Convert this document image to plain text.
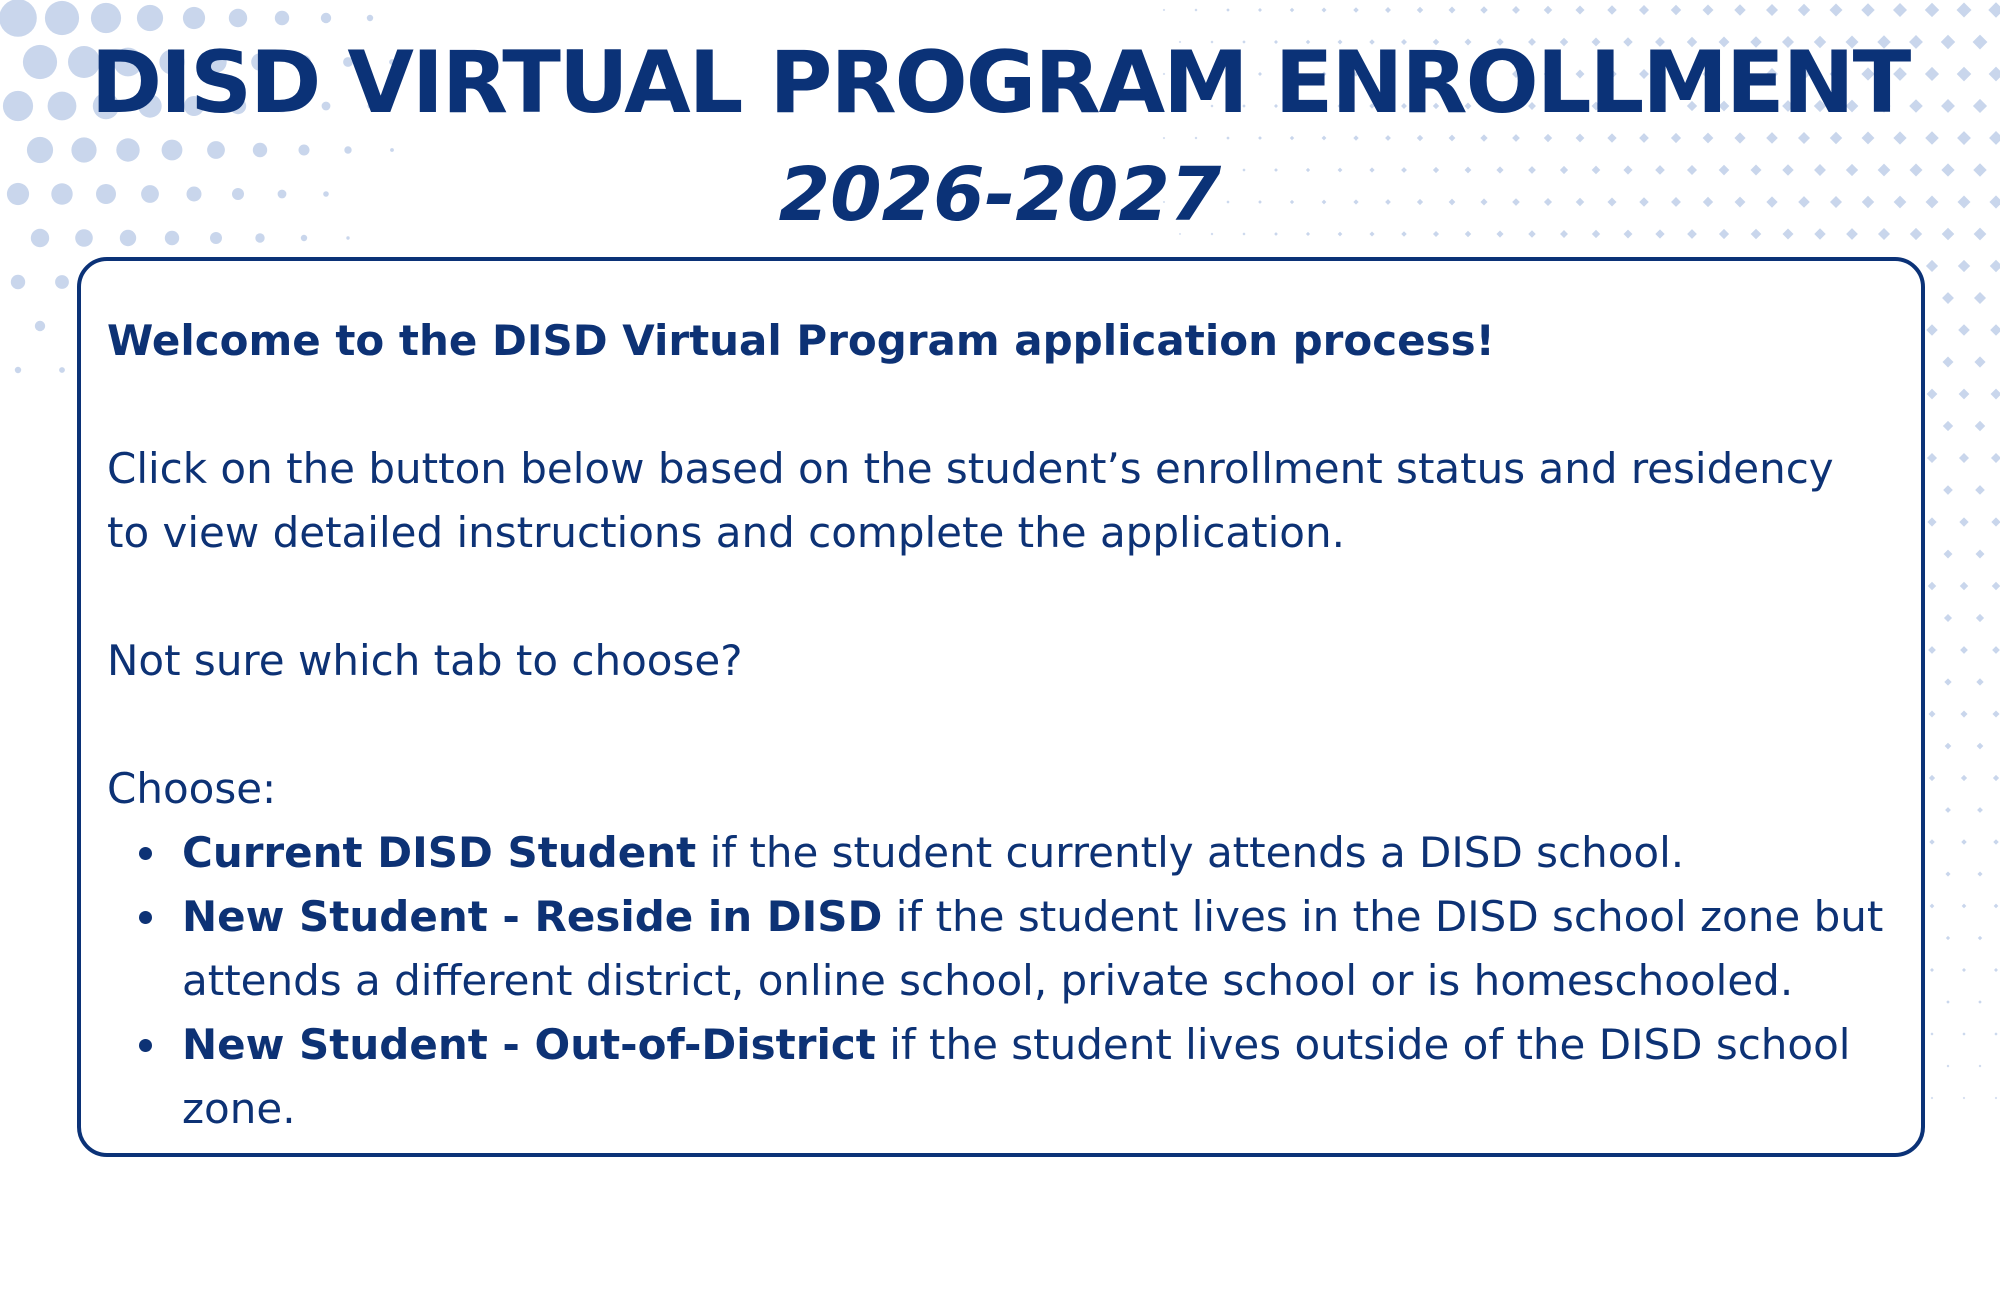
DISD VIRTUAL PROGRAM ENROLLMENT
2026-2027

Welcome to the DISD Virtual Program application process!

Click on the button below based on the student’s enrollment status and residency to view detailed instructions and complete the application.

Not sure which tab to choose?

Choose:

Current DISD Student if the student currently attends a DISD school.
New Student - Reside in DISD if the student lives in the DISD school zone but attends a different district, online school, private school or is homeschooled.
New Student - Out-of-District if the student lives outside of the DISD school zone.
